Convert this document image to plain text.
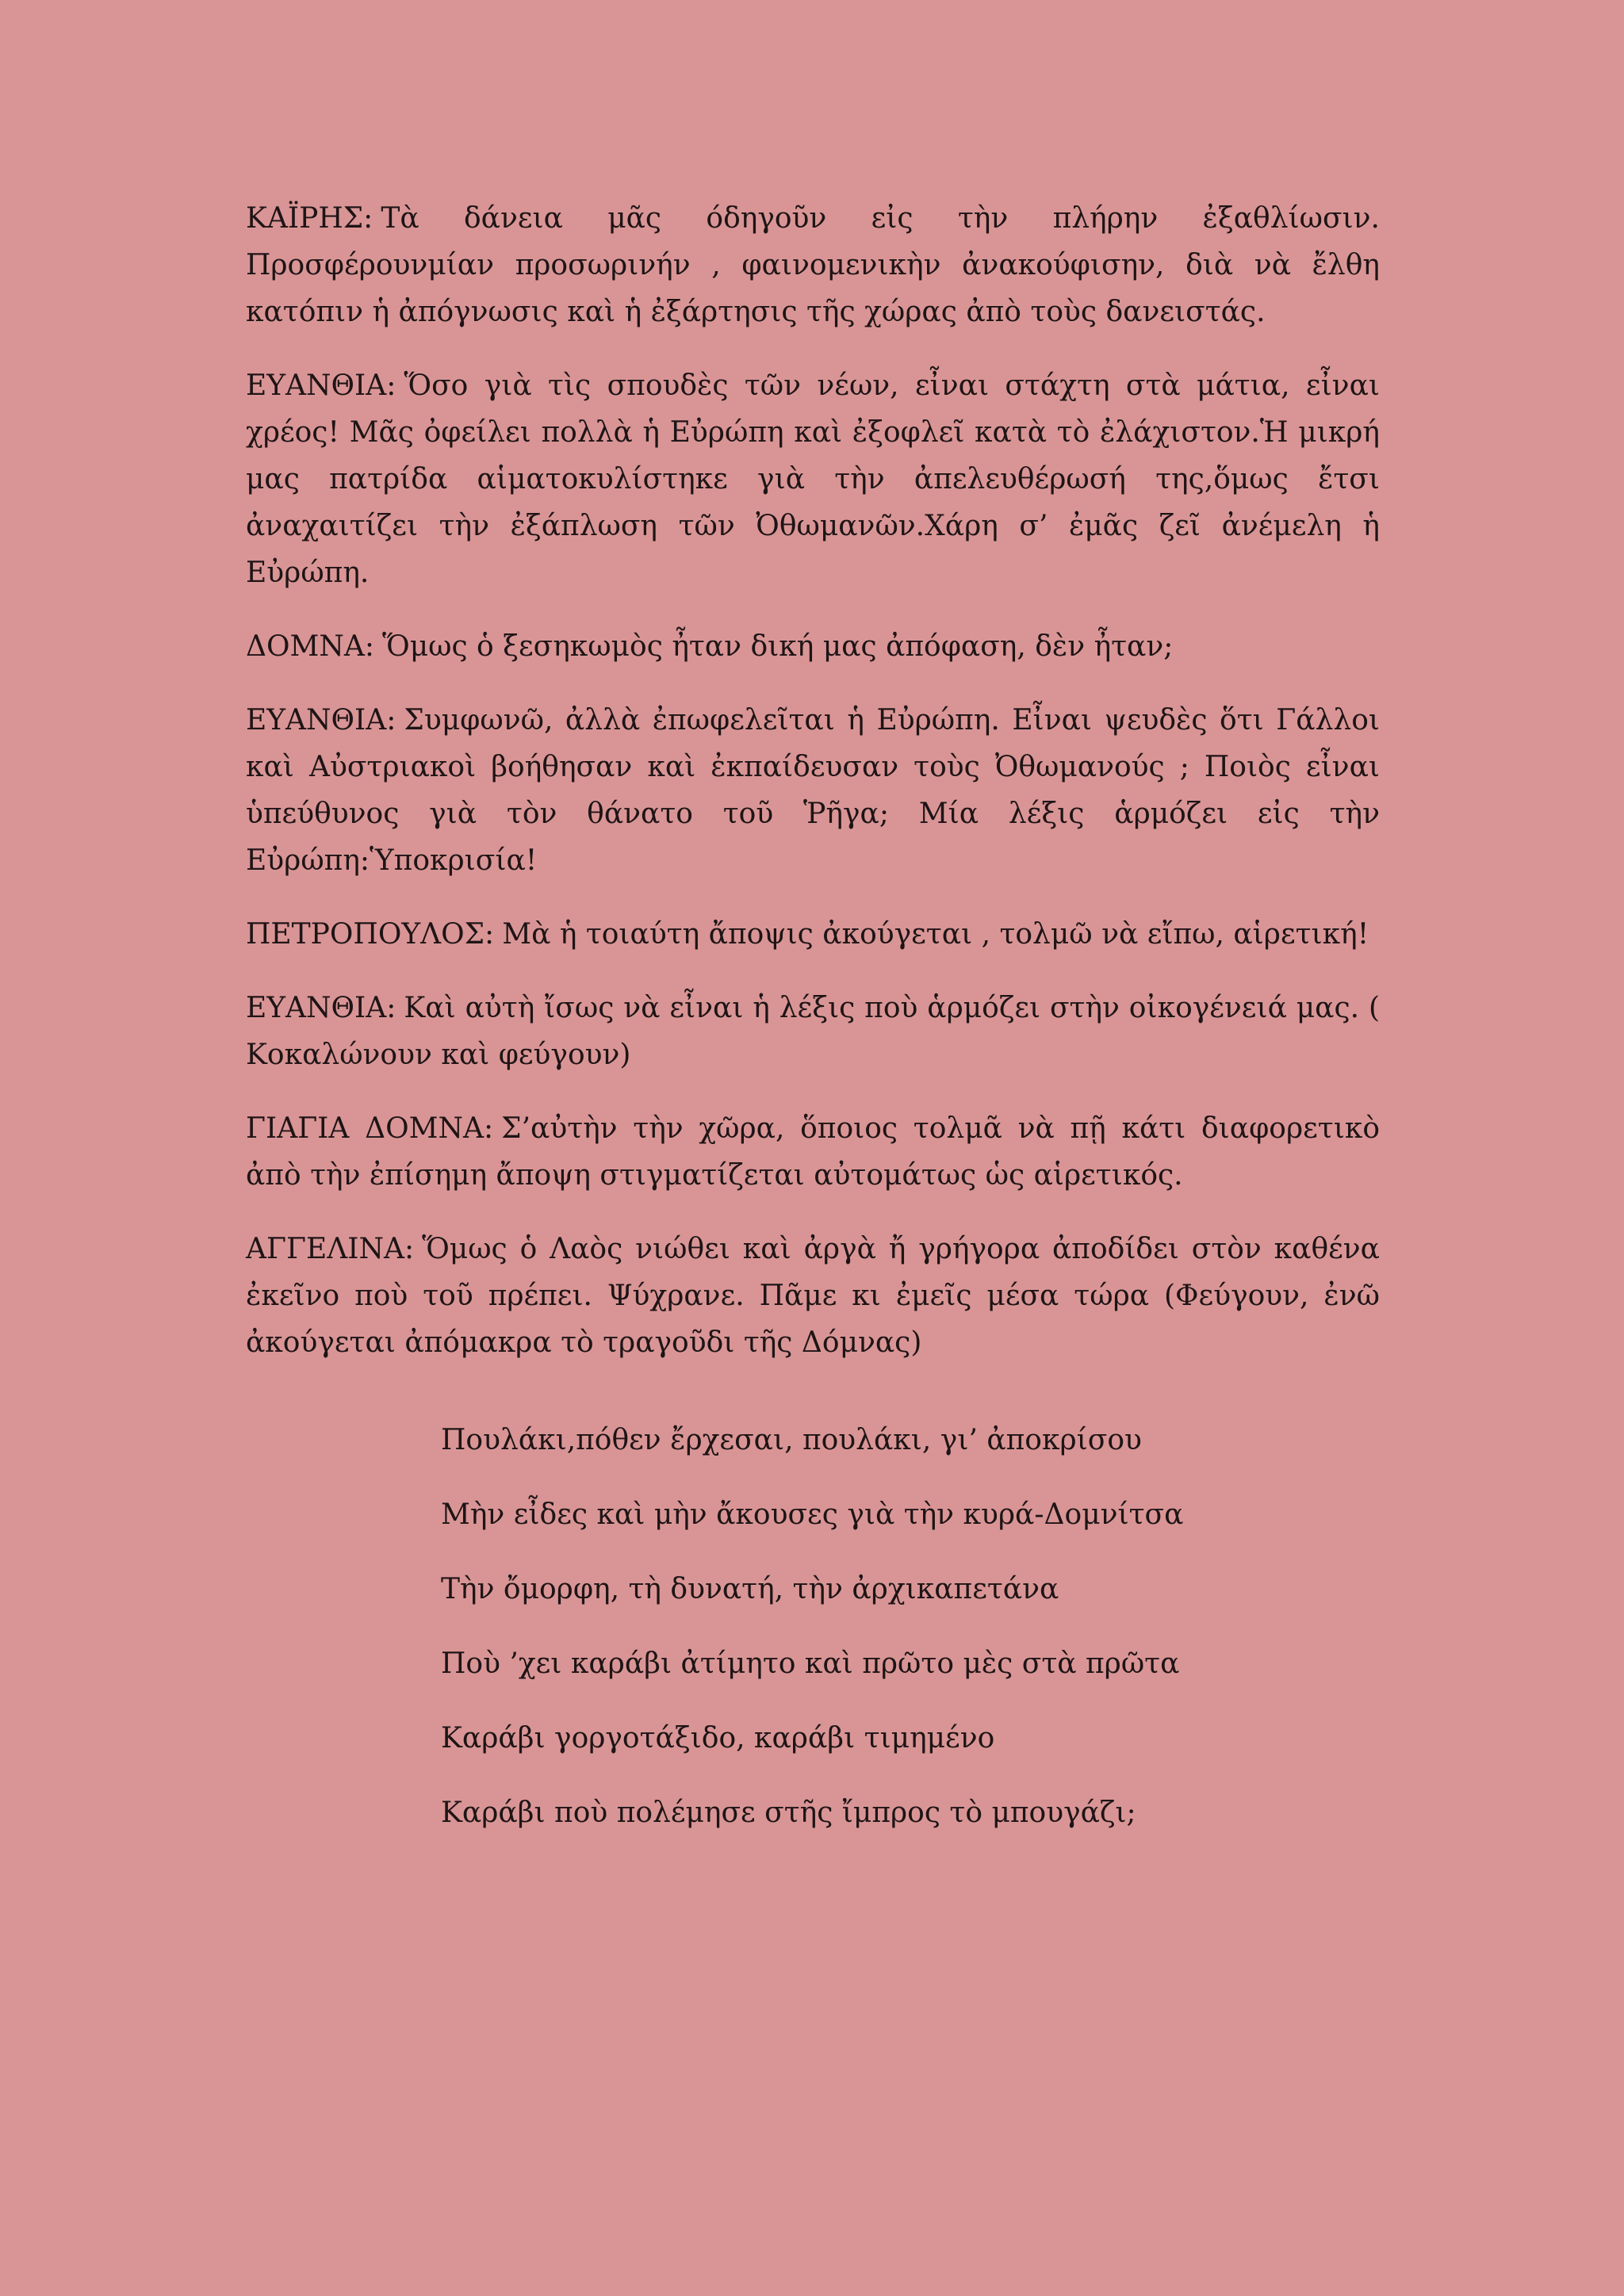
ΚΑΪΡΗΣ: Τὰ δάνεια μᾶς όδηγοῦν εἰς τὴν πλήρην ἐξαθλίωσιν. Προσφέρουνμίαν προσωρινήν , φαινομενικὴν ἀνακούφισην, διὰ νὰ ἔλθη κατόπιν ἡ ἀπόγνωσις καὶ ἡ ἐξάρτησις τῆς χώρας ἀπὸ τοὺς δανειστάς.

ΕΥΑΝΘΙΑ: Ὅσο γιὰ τὶς σπουδὲς τῶν νέων, εἶναι στάχτη στὰ μάτια, εἶναι χρέος! Μᾶς ὀφείλει πολλὰ ἡ Εὐρώπη καὶ ἐξοφλεῖ κατὰ τὸ ἐλάχιστον.Ἡ μικρή μας πατρίδα αἱματοκυλίστηκε γιὰ τὴν ἀπελευθέρωσή της,ὅμως ἔτσι ἀναχαιτίζει τὴν ἐξάπλωση τῶν Ὀθωμανῶν.Χάρη σ’ ἐμᾶς ζεῖ ἀνέμελη ἡ Εὐρώπη.

ΔΟΜΝΑ: Ὅμως ὁ ξεσηκωμὸς ἦταν δική μας ἀπόφαση, δὲν ἦταν;

ΕΥΑΝΘΙΑ: Συμφωνῶ, ἀλλὰ ἐπωφελεῖται ἡ Εὐρώπη. Εἶναι ψευδὲς ὅτι Γάλλοι καὶ Αὐστριακοὶ βοήθησαν καὶ ἐκπαίδευσαν τοὺς Ὀθωμανούς ; Ποιὸς εἶναι ὑπεύθυνος γιὰ τὸν θάνατο τοῦ Ῥῆγα; Μία λέξις ἁρμόζει εἰς τὴν Εὐρώπη:Ὑποκρισία!

ΠΕΤΡΟΠΟΥΛΟΣ: Μὰ ἡ τοιαύτη ἄποψις ἀκούγεται , τολμῶ νὰ εἴπω, αἱρετική!

ΕΥΑΝΘΙΑ: Καὶ αὐτὴ ἴσως νὰ εἶναι ἡ λέξις ποὺ ἁρμόζει στὴν οἰκογένειά μας. ( Κοκαλώνουν καὶ φεύγουν)

ΓΙΑΓΙΑ ΔΟΜΝΑ: Σ’αὐτὴν τὴν χῶρα, ὅποιος τολμᾶ νὰ πῇ κάτι διαφορετικὸ ἀπὸ τὴν ἐπίσημη ἄποψη στιγματίζεται αὐτομάτως ὡς αἱρετικός.

ΑΓΓΕΛΙΝΑ: Ὅμως ὁ Λαὸς νιώθει καὶ ἀργὰ ἤ γρήγορα ἀποδίδει στὸν καθένα ἐκεῖνο ποὺ τοῦ πρέπει. Ψύχρανε. Πᾶμε κι ἐμεῖς μέσα τώρα (Φεύγουν, ἐνῶ ἀκούγεται ἀπόμακρα τὸ τραγοῦδι τῆς Δόμνας)

Πουλάκι,πόθεν ἔρχεσαι, πουλάκι, γι’ ἀποκρίσου

Μὴν εἶδες καὶ μὴν ἄκουσες γιὰ τὴν κυρά-Δομνίτσα

Τὴν ὄμορφη, τὴ δυνατή, τὴν ἀρχικαπετάνα

Ποὺ ’χει καράβι ἀτίμητο καὶ πρῶτο μὲς στὰ πρῶτα

Καράβι γοργοτάξιδο, καράβι τιμημένο

Καράβι ποὺ πολέμησε στῆς ἴμπρος τὸ μπουγάζι;
